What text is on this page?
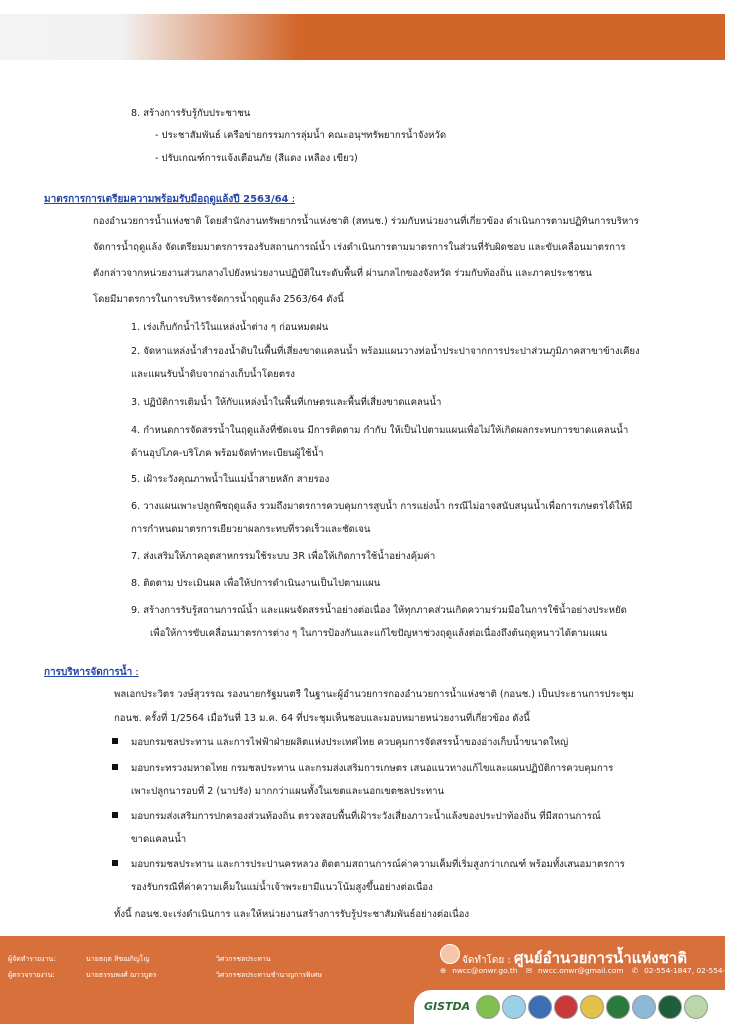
8. สร้างการรับรู้กับประชาชน
- ประชาสัมพันธ์ เครือข่ายกรรมการลุ่มน้ำ คณะอนุฯทรัพยากรน้ำจังหวัด
- ปรับเกณฑ์การแจ้งเตือนภัย (สีแดง เหลือง เขียว)
มาตรการการเตรียมความพร้อมรับมือฤดูแล้งปี 2563/64 :
กองอำนวยการน้ำแห่งชาติ โดยสำนักงานทรัพยากรน้ำแห่งชาติ (สทนช.) ร่วมกับหน่วยงานที่เกี่ยวข้อง ดำเนินการตามปฏิทินการบริหาร
จัดการน้ำฤดูแล้ง จัดเตรียมมาตรการรองรับสถานการณ์น้ำ เร่งดำเนินการตามมาตรการในส่วนที่รับผิดชอบ และขับเคลื่อนมาตรการ
ดังกล่าวจากหน่วยงานส่วนกลางไปยังหน่วยงานปฏิบัติในระดับพื้นที่ ผ่านกลไกของจังหวัด ร่วมกับท้องถิ่น และภาคประชาชน
โดยมีมาตรการในการบริหารจัดการน้ำฤดูแล้ง 2563/64 ดังนี้
1. เร่งเก็บกักน้ำไว้ในแหล่งน้ำต่าง ๆ ก่อนหมดฝน
2. จัดหาแหล่งน้ำสำรองน้ำดิบในพื้นที่เสี่ยงขาดแคลนน้ำ พร้อมแผนวางท่อน้ำประปาจากการประปาส่วนภูมิภาคสาขาข้างเคียง
และแผนรับน้ำดิบจากอ่างเก็บน้ำโดยตรง
3. ปฏิบัติการเติมน้ำ ให้กับแหล่งน้ำในพื้นที่เกษตรและพื้นที่เสี่ยงขาดแคลนน้ำ
4. กำหนดการจัดสรรน้ำในฤดูแล้งที่ชัดเจน มีการติดตาม กำกับ ให้เป็นไปตามแผนเพื่อไม่ให้เกิดผลกระทบการขาดแคลนน้ำ
ด้านอุปโภค-บริโภค พร้อมจัดทำทะเบียนผู้ใช้น้ำ
5. เฝ้าระวังคุณภาพน้ำในแม่น้ำสายหลัก สายรอง
6. วางแผนเพาะปลูกพืชฤดูแล้ง รวมถึงมาตรการควบคุมการสูบน้ำ การแย่งน้ำ กรณีไม่อาจสนับสนุนน้ำเพื่อการเกษตรได้ให้มี
การกำหนดมาตรการเยียวยาผลกระทบที่รวดเร็วและชัดเจน
7. ส่งเสริมให้ภาคอุตสาหกรรมใช้ระบบ 3R เพื่อให้เกิดการใช้น้ำอย่างคุ้มค่า
8. ติดตาม ประเมินผล เพื่อให้ปการดำเนินงานเป็นไปตามแผน
9. สร้างการรับรู้สถานการณ์น้ำ และแผนจัดสรรน้ำอย่างต่อเนื่อง ให้ทุกภาคส่วนเกิดความร่วมมือในการใช้น้ำอย่างประหยัด
เพื่อให้การขับเคลื่อนมาตรการต่าง ๆ ในการป้องกันและแก้ไขปัญหาช่วงฤดูแล้งต่อเนื่องถึงต้นฤดูหนาวได้ตามแผน
การบริหารจัดการน้ำ :
พลเอกประวิตร วงษ์สุวรรณ รองนายกรัฐมนตรี ในฐานะผู้อำนวยการกองอำนวยการน้ำแห่งชาติ (กอนช.) เป็นประธานการประชุม
กอนช. ครั้งที่ 1/2564 เมื่อวันที่ 13 ม.ค. 64 ที่ประชุมเห็นชอบและมอบหมายหน่วยงานที่เกี่ยวข้อง ดังนี้
มอบกรมชลประทาน และการไฟฟ้าฝ่ายผลิตแห่งประเทศไทย ควบคุมการจัดสรรน้ำของอ่างเก็บน้ำขนาดใหญ่
มอบกระทรวงมหาดไทย กรมชลประทาน และกรมส่งเสริมการเกษตร เสนอแนวทางแก้ไขและแผนปฏิบัติการควบคุมการ
เพาะปลูกนารอบที่ 2 (นาปรัง) มากกว่าแผนทั้งในเขตและนอกเขตชลประทาน
มอบกรมส่งเสริมการปกครองส่วนท้องถิ่น ตรวจสอบพื้นที่เฝ้าระวังเสี่ยงภาวะน้ำแล้งของประปาท้องถิ่น ที่มีสถานการณ์
ขาดแคลนน้ำ
มอบกรมชลประทาน และการประปานครหลวง ติดตามสถานการณ์ค่าความเค็มที่เริ่มสูงกว่าเกณฑ์ พร้อมทั้งเสนอมาตรการ
รองรับกรณีที่ค่าความเค็มในแม่น้ำเจ้าพระยามีแนวโน้มสูงขึ้นอย่างต่อเนื่อง
ทั้งนี้ กอนช.จะเร่งดำเนินการ และให้หน่วยงานสร้างการรับรู้ประชาสัมพันธ์อย่างต่อเนื่อง
ผู้จัดทำรายงาน:	นายธฤต สิชฌภิญโญ	วิศวกรชลประทาน
ผู้ตรวจรายงาน:	นายธรรมพงศ์ ฌาวบูตร	วิศวกรชลประทานชำนาญการพิเศษ
จัดทำโดย : ศูนย์อำนวยการน้ำแห่งชาติ
⊕ nwcc@onwr.go.th ✉ nwcc.onwr@gmail.com ✆ 02-554-1847, 02-554-1800
GISTDA
